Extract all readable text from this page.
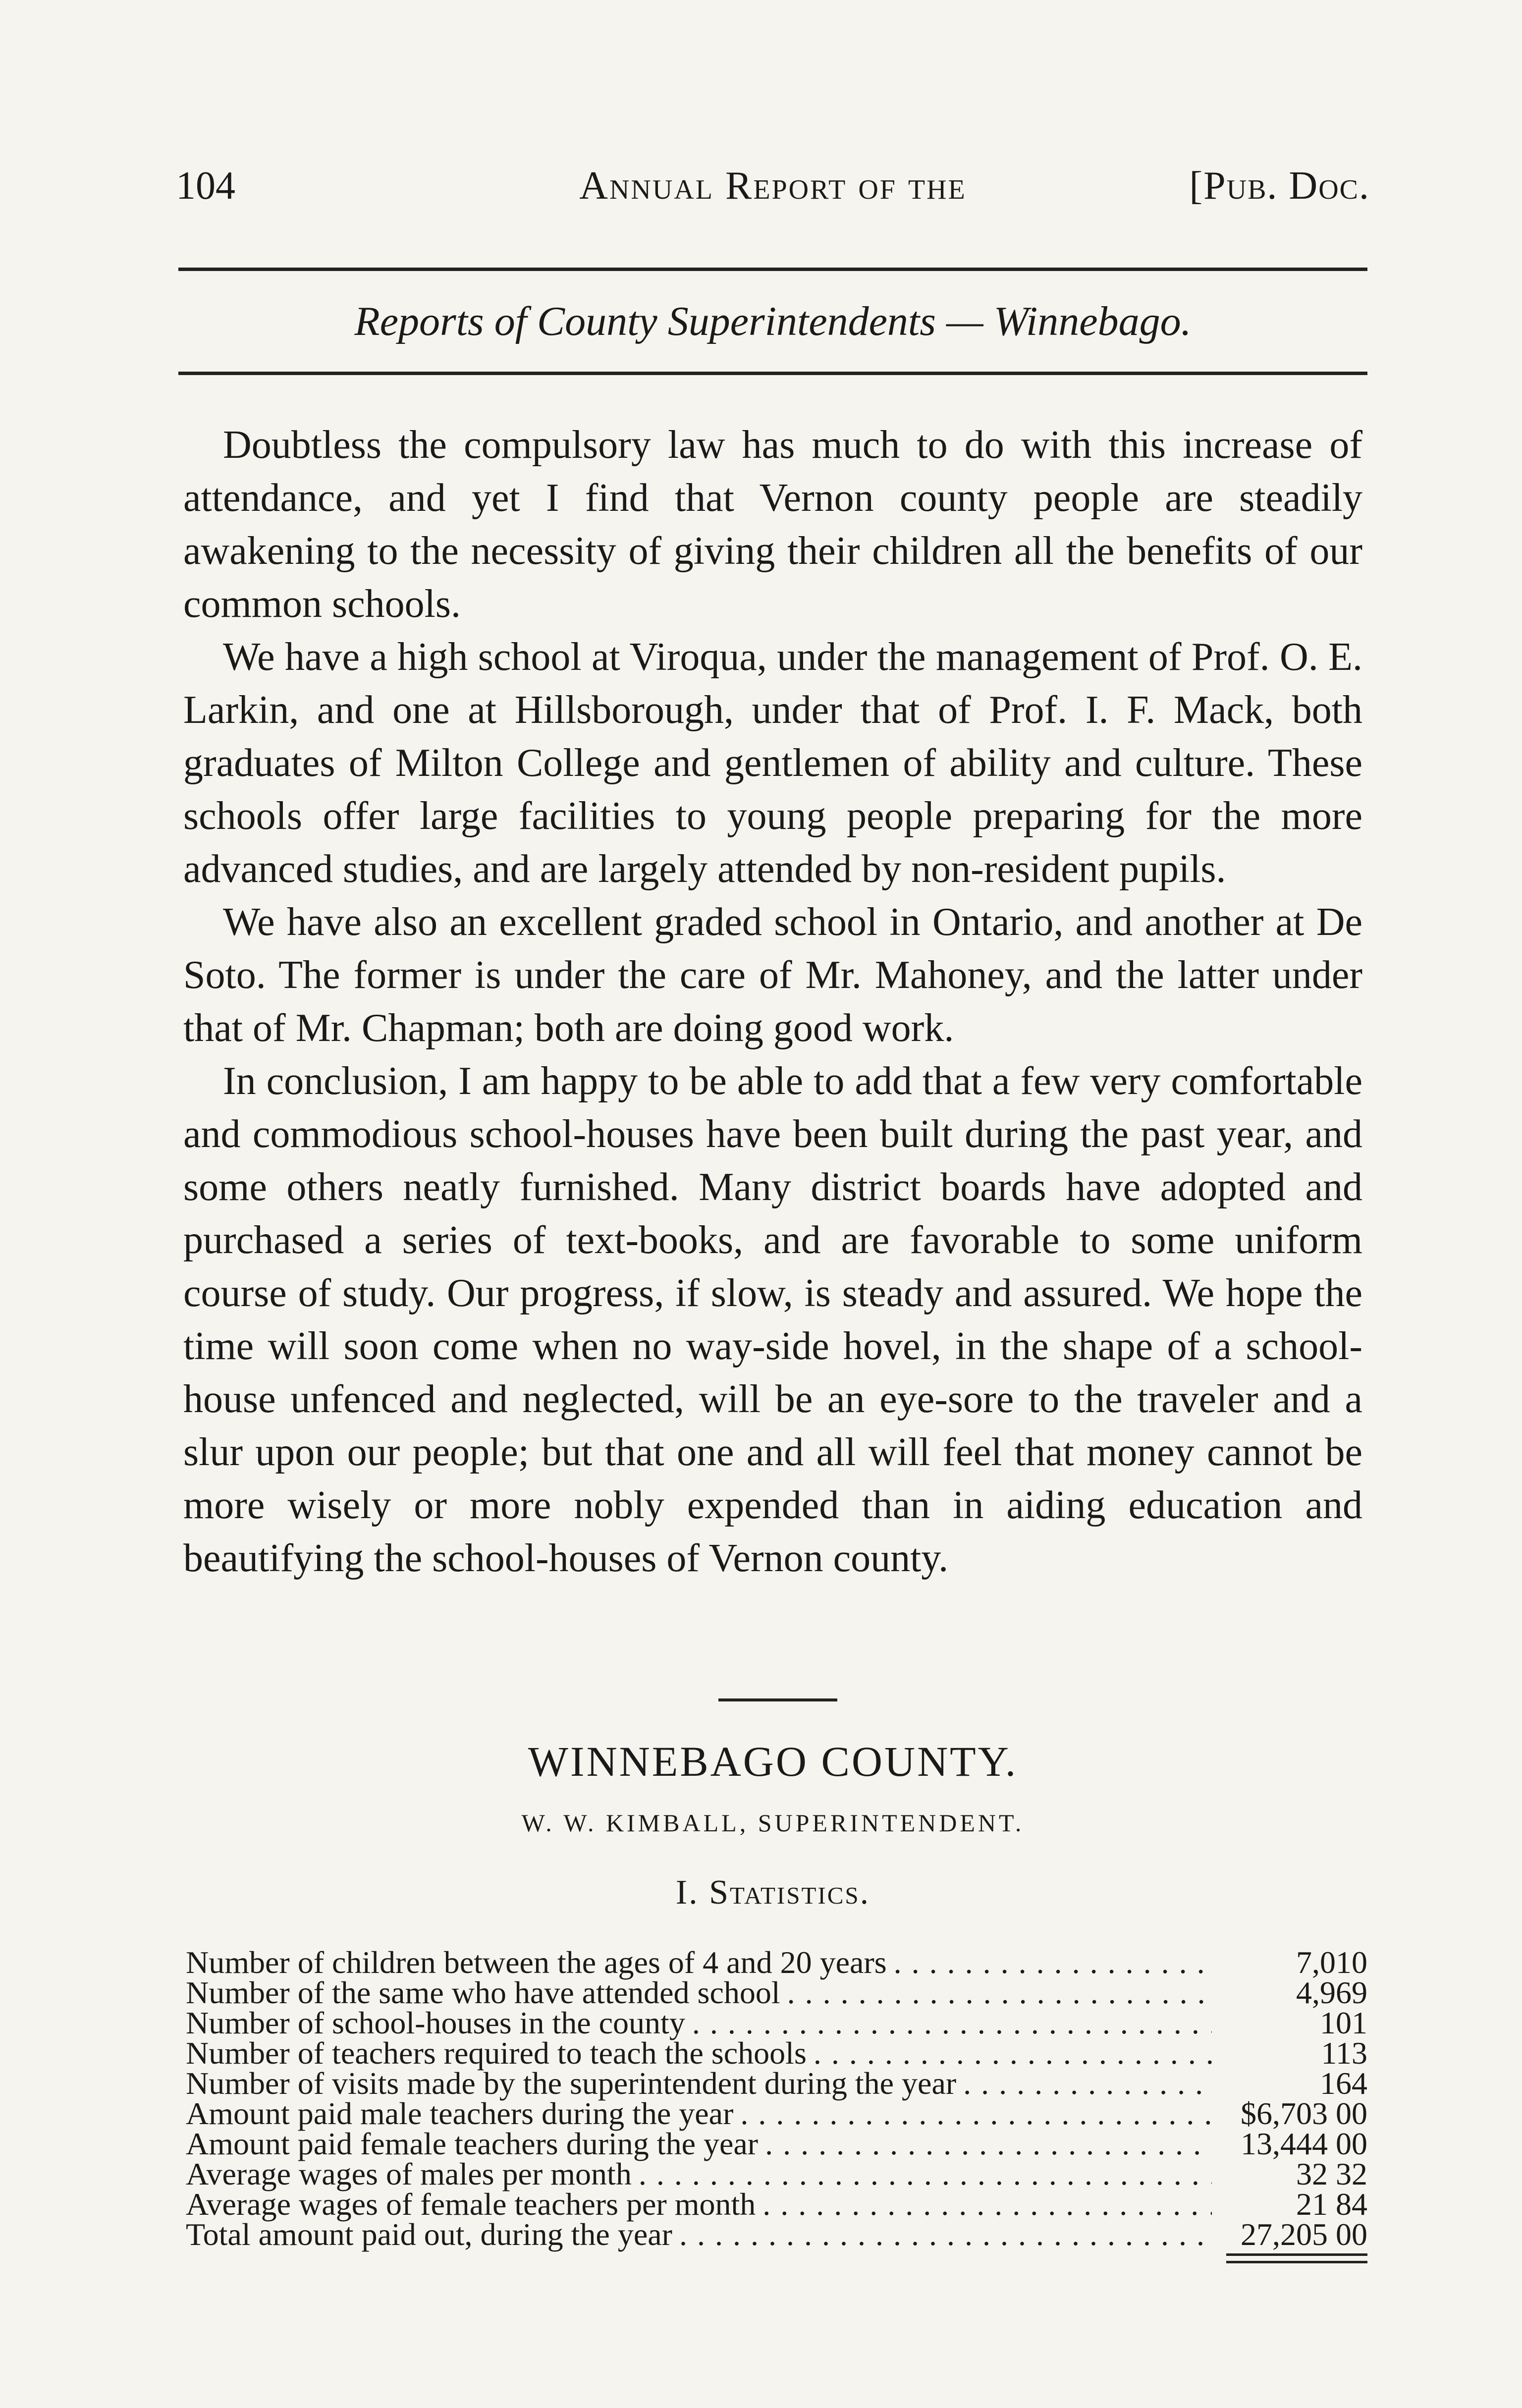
104	Annual Report of the	[Pub. Doc.
Reports of County Superintendents — Winnebago.

Doubtless the compulsory law has much to do with this increase of attendance, and yet I find that Vernon county people are steadily awakening to the necessity of giving their children all the benefits of our common schools.

We have a high school at Viroqua, under the management of Prof. O. E. Larkin, and one at Hillsborough, under that of Prof. I. F. Mack, both graduates of Milton College and gentlemen of ability and culture. These schools offer large facilities to young people preparing for the more advanced studies, and are largely attended by non-resident pupils.

We have also an excellent graded school in Ontario, and another at De Soto. The former is under the care of Mr. Mahoney, and the latter under that of Mr. Chapman; both are doing good work.

In conclusion, I am happy to be able to add that a few very comfortable and commodious school-houses have been built during the past year, and some others neatly furnished. Many district boards have adopted and purchased a series of text-books, and are favorable to some uniform course of study. Our progress, if slow, is steady and assured. We hope the time will soon come when no way-side hovel, in the shape of a school-house unfenced and neglected, will be an eye-sore to the traveler and a slur upon our people; but that one and all will feel that money cannot be more wisely or more nobly expended than in aiding education and beautifying the school-houses of Vernon county.

WINNEBAGO COUNTY.
W. W. KIMBALL, SUPERINTENDENT.
I. Statistics.
Number of children between the ages of 4 and 20 years . . .	7,010
Number of the same who have attended school . . .	4,969
Number of school-houses in the county . . .	101
Number of teachers required to teach the schools . . .	113
Number of visits made by the superintendent during the year . . .	164
Amount paid male teachers during the year . . .	$6,703 00
Amount paid female teachers during the year . . .	13,444 00
Average wages of males per month . . .	32 32
Average wages of female teachers per month . . .	21 84
Total amount paid out, during the year . . .	27,205 00
